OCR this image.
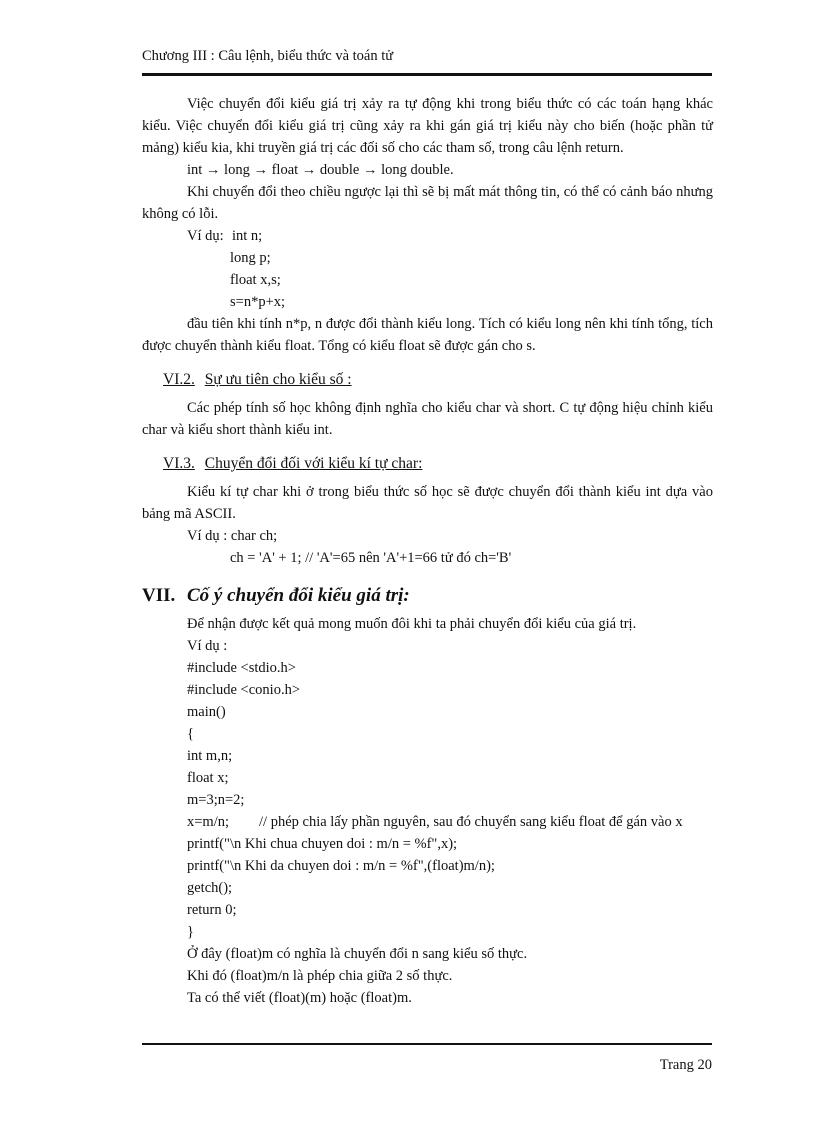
Chương III : Câu lệnh, biểu thức và toán tử

Việc chuyển đổi kiểu giá trị xảy ra tự động khi trong biểu thức có các toán hạng khác kiểu. Việc chuyển đổi kiểu giá trị cũng xảy ra khi gán giá trị kiểu này cho biến (hoặc phần tử mảng) kiểu kia, khi truyền giá trị các đối số cho các tham số, trong câu lệnh return.

int → long → float → double → long double.

Khi chuyển đổi theo chiều ngược lại thì sẽ bị mất mát thông tin, có thể có cảnh báo nhưng không có lỗi.

Ví dụ: int n;

long p;

float x,s;

s=n*p+x;

đầu tiên khi tính n*p, n được đổi thành kiểu long. Tích có kiểu long nên khi tính tổng, tích được chuyển thành kiểu float. Tổng có kiểu float sẽ được gán cho s.

VI.2. Sự ưu tiên cho kiểu số :

Các phép tính số học không định nghĩa cho kiểu char và short. C tự động hiệu chỉnh kiểu char và kiểu short thành kiểu int.

VI.3. Chuyển đổi đối với kiểu kí tự char:

Kiểu kí tự char khi ở trong biểu thức số học sẽ được chuyển đổi thành kiểu int dựa vào bảng mã ASCII.

Ví dụ : char ch;

ch = 'A' + 1; // 'A'=65 nên 'A'+1=66 tử đó ch='B'

VII. Cố ý chuyển đổi kiểu giá trị:

Để nhận được kết quả mong muốn đôi khi ta phải chuyển đổi kiểu của giá trị.

Ví dụ :

#include <stdio.h>

#include <conio.h>

main()

{

int m,n;

float x;

m=3;n=2;

x=m/n; // phép chia lấy phần nguyên, sau đó chuyển sang kiểu float để gán vào x

printf("\n Khi chua chuyen doi : m/n = %f",x);

printf("\n Khi da chuyen doi : m/n = %f",(float)m/n);

getch();

return 0;

}

Ở đây (float)m có nghĩa là chuyển đổi n sang kiểu số thực.

Khi đó (float)m/n là phép chia giữa 2 số thực.

Ta có thể viết (float)(m) hoặc (float)m.

Trang 20
